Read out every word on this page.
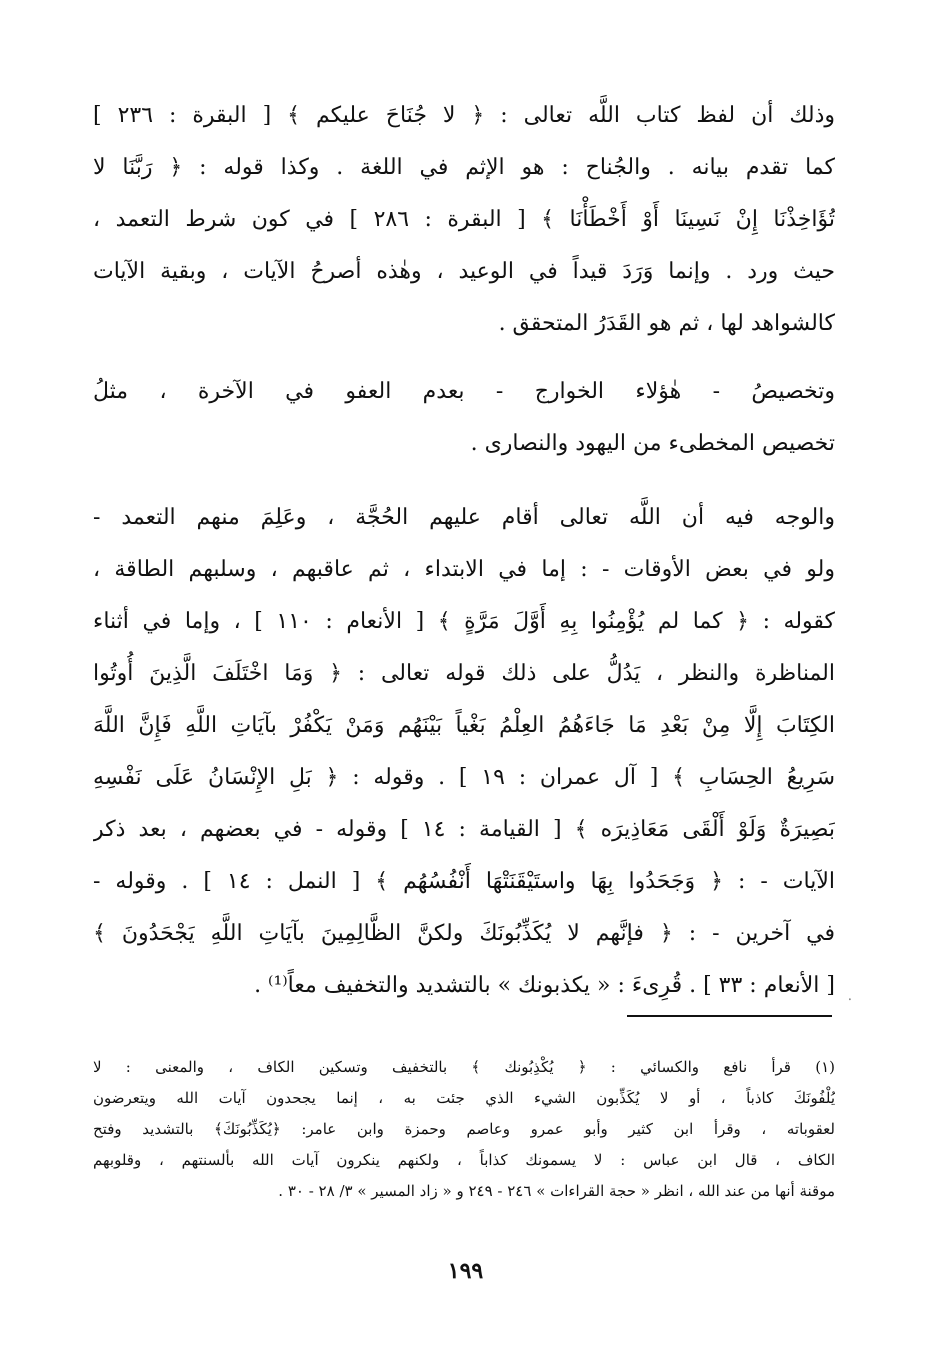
وذلك أن لفظ كتاب اللَّه تعالى : ﴿ لا جُنَاحَ عليكم ﴾ [ البقرة : ٢٣٦ ]
كما تقدم بيانه . والجُناح : هو الإثم في اللغة . وكذا قوله : ﴿ رَبَّنَا لا
تُؤَاخِذْنَا إِنْ نَسِينَا أَوْ أَخْطَأْنَا ﴾ [ البقرة : ٢٨٦ ] في كون شرط التعمد ،
حيث ورد . وإنما وَرَدَ قيداً في الوعيد ، وهٰذه أصرحُ الآيات ، وبقية الآيات
كالشواهد لها ، ثم هو القَدَرُ المتحقق .
وتخصيصُ - هٰؤلاء الخوارج - بعدم العفو في الآخرة ، مثلُ
تخصيص المخطىء من اليهود والنصارى .
والوجه فيه أن اللَّه تعالى أقام عليهم الحُجَّة ، وعَلِمَ منهم التعمد -
ولو في بعض الأوقات - : إما في الابتداء ، ثم عاقبهم ، وسلبهم الطاقة ،
كقوله : ﴿ كما لم يُؤْمِنُوا بِهِ أَوَّلَ مَرَّةٍ ﴾ [ الأنعام : ١١٠ ] ، وإما في أثناء
المناظرة والنظر ، يَدُلُّ على ذلك قوله تعالى : ﴿ وَمَا اخْتَلَفَ الَّذِينَ أُوتُوا
الكِتَابَ إِلَّا مِنْ بَعْدِ مَا جَاءَهُمُ العِلْمُ بَغْياً بَيْنَهُم وَمَنْ يَكْفُرْ بآيَاتِ اللَّهِ فَإِنَّ اللَّهَ
سَرِيعُ الحِسَابِ ﴾ [ آل عمران : ١٩ ] . وقوله : ﴿ بَلِ الإِنْسَانُ عَلَى نَفْسِهِ
بَصِيرَةٌ وَلَوْ أَلْقَى مَعَاذِيرَه ﴾ [ القيامة : ١٤ ] وقوله - في بعضهم ، بعد ذكر
الآيات - : ﴿ وَجَحَدُوا بِهَا واستَيْقَنَتْهَا أَنْفُسُهُم ﴾ [ النمل : ١٤ ] . وقوله -
في آخرين - : ﴿ فإنَّهم لا يُكَذِّبُونَكَ ولكنَّ الظَّالِمِينَ بآيَاتِ اللَّهِ يَجْحَدُونَ ﴾
[ الأنعام : ٣٣ ] . قُرِىءَ : « يكذبونك » بالتشديد والتخفيف معاً⁽¹⁾ .
⸱
(١) قرأ نافع والكسائي : ﴿ يُكْذِبُونك ﴾ بالتخفيف وتسكين الكاف ، والمعنى : لا
يُلْفُونَكَ كاذباً ، أو لا يُكَذِّبون الشيء الذي جئت به ، إنما يجحدون آيات الله ويتعرضون
لعقوباته ، وقرأ ابن كثير وأبو عمرو وعاصم وحمزة وابن عامر: ﴿يُكَذِّبُونَكَ﴾ بالتشديد وفتح
الكاف ، قال ابن عباس : لا يسمونك كذاباً ، ولكنهم ينكرون آيات الله بألسنتهم ، وقلوبهم
موقنة أنها من عند الله ، انظر « حجة القراءات » ٢٤٦ - ٢٤٩ و « زاد المسير » ٣/ ٢٨ - ٣٠ .
١٩٩
